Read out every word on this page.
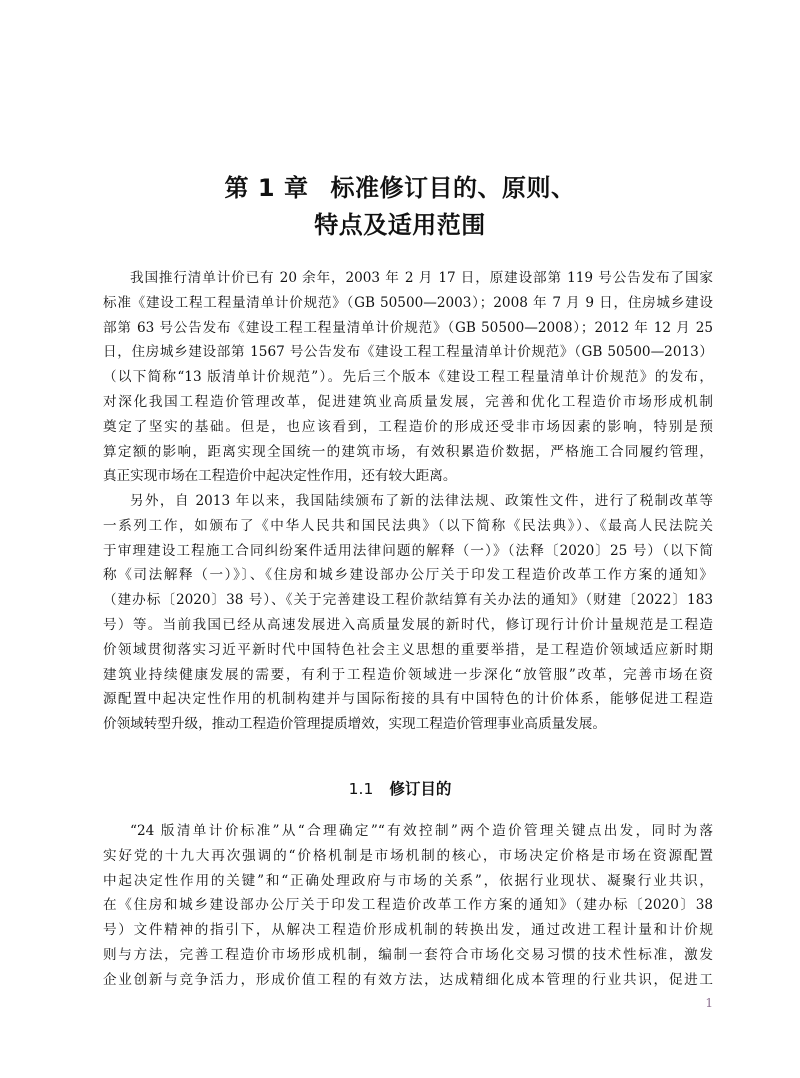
第 1 章 标准修订目的、原则、
特点及适用范围
我国推行清单计价已有 20 余年，2003 年 2 月 17 日，原建设部第 119 号公告发布了国家
标准《建设工程工程量清单计价规范》（GB 50500—2003）；2008 年 7 月 9 日，住房城乡建设
部第 63 号公告发布《建设工程工程量清单计价规范》（GB 50500—2008）；2012 年 12 月 25
日，住房城乡建设部第 1567 号公告发布《建设工程工程量清单计价规范》（GB 50500—2013）
（以下简称“13 版清单计价规范”）。先后三个版本《建设工程工程量清单计价规范》的发布，
对深化我国工程造价管理改革，促进建筑业高质量发展，完善和优化工程造价市场形成机制
奠定了坚实的基础。但是，也应该看到，工程造价的形成还受非市场因素的影响，特别是预
算定额的影响，距离实现全国统一的建筑市场，有效积累造价数据，严格施工合同履约管理，
真正实现市场在工程造价中起决定性作用，还有较大距离。
另外，自 2013 年以来，我国陆续颁布了新的法律法规、政策性文件，进行了税制改革等
一系列工作，如颁布了《中华人民共和国民法典》（以下简称《民法典》）、《最高人民法院关
于审理建设工程施工合同纠纷案件适用法律问题的解释（一）》（法释〔2020〕25 号）（以下简
称《司法解释（一）》〕、《住房和城乡建设部办公厅关于印发工程造价改革工作方案的通知》
（建办标〔2020〕38 号）、《关于完善建设工程价款结算有关办法的通知》（财建〔2022〕183
号）等。当前我国已经从高速发展进入高质量发展的新时代，修订现行计价计量规范是工程造
价领域贯彻落实习近平新时代中国特色社会主义思想的重要举措，是工程造价领域适应新时期
建筑业持续健康发展的需要，有利于工程造价领域进一步深化“放管服”改革，完善市场在资
源配置中起决定性作用的机制构建并与国际衔接的具有中国特色的计价体系，能够促进工程造
价领域转型升级，推动工程造价管理提质增效，实现工程造价管理事业高质量发展。
1.1 修订目的
“24 版清单计价标准”从“合理确定”“有效控制”两个造价管理关键点出发，同时为落
实好党的十九大再次强调的“价格机制是市场机制的核心，市场决定价格是市场在资源配置
中起决定性作用的关键”和“正确处理政府与市场的关系”，依据行业现状、凝聚行业共识，
在《住房和城乡建设部办公厅关于印发工程造价改革工作方案的通知》（建办标〔2020〕38
号）文件精神的指引下，从解决工程造价形成机制的转换出发，通过改进工程计量和计价规
则与方法，完善工程造价市场形成机制，编制一套符合市场化交易习惯的技术性标准，激发
企业创新与竞争活力，形成价值工程的有效方法，达成精细化成本管理的行业共识，促进工
1
